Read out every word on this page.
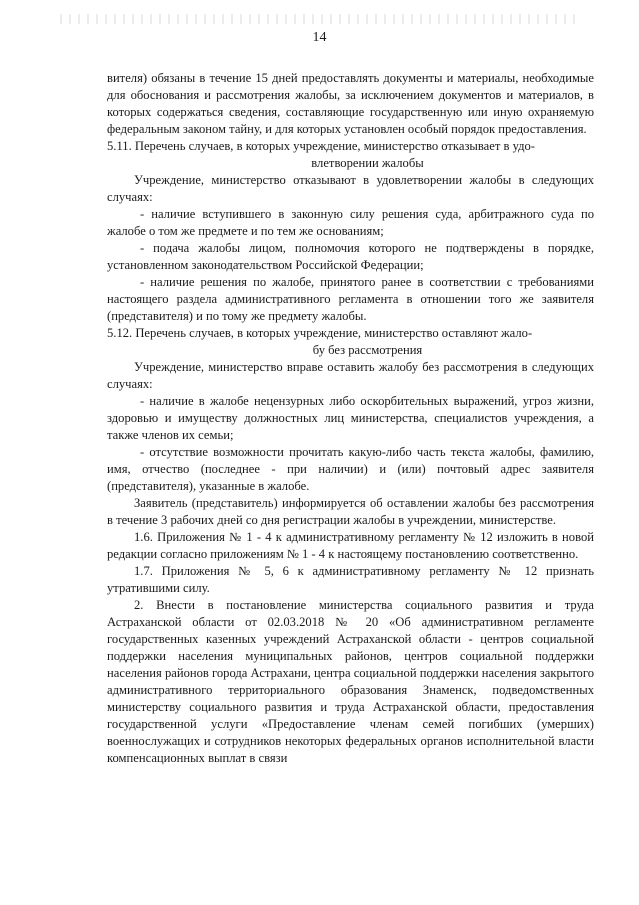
14

вителя) обязаны в течение 15 дней предоставлять документы и материалы, необходимые для обоснования и рассмотрения жалобы, за исключением документов и материалов, в которых содержаться сведения, составляющие государственную или иную охраняемую федеральным законом тайну, и для которых установлен особый порядок предоставления.

5.11. Перечень случаев, в которых учреждение, министерство отказывает в удо-

влетворении жалобы

Учреждение, министерство отказывают в удовлетворении жалобы в следующих случаях:

- наличие вступившего в законную силу решения суда, арбитражного суда по жалобе о том же предмете и по тем же основаниям;

- подача жалобы лицом, полномочия которого не подтверждены в порядке, установленном законодательством Российской Федерации;

- наличие решения по жалобе, принятого ранее в соответствии с требованиями настоящего раздела административного регламента в отношении того же заявителя (представителя) и по тому же предмету жалобы.

5.12. Перечень случаев, в которых учреждение, министерство оставляют жало-

бу без рассмотрения

Учреждение, министерство вправе оставить жалобу без рассмотрения в следующих случаях:

- наличие в жалобе нецензурных либо оскорбительных выражений, угроз жизни, здоровью и имуществу должностных лиц министерства, специалистов учреждения, а также членов их семьи;

- отсутствие возможности прочитать какую-либо часть текста жалобы, фамилию, имя, отчество (последнее - при наличии) и (или) почтовый адрес заявителя (представителя), указанные в жалобе.

Заявитель (представитель) информируется об оставлении жалобы без рассмотрения в течение 3 рабочих дней со дня регистрации жалобы в учреждении, министерстве.

1.6. Приложения № 1 - 4 к административному регламенту № 12 изложить в новой редакции согласно приложениям № 1 - 4 к настоящему постановлению соответственно.

1.7. Приложения № 5, 6 к административному регламенту № 12 признать утратившими силу.

2. Внести в постановление министерства социального развития и труда Астраханской области от 02.03.2018 № 20 «Об административном регламенте государственных казенных учреждений Астраханской области - центров социальной поддержки населения муниципальных районов, центров социальной поддержки населения районов города Астрахани, центра социальной поддержки населения закрытого административного территориального образования Знаменск, подведомственных министерству социального развития и труда Астраханской области, предоставления государственной услуги «Предоставление членам семей погибших (умерших) военнослужащих и сотрудников некоторых федеральных органов исполнительной власти компенсационных выплат в связи
